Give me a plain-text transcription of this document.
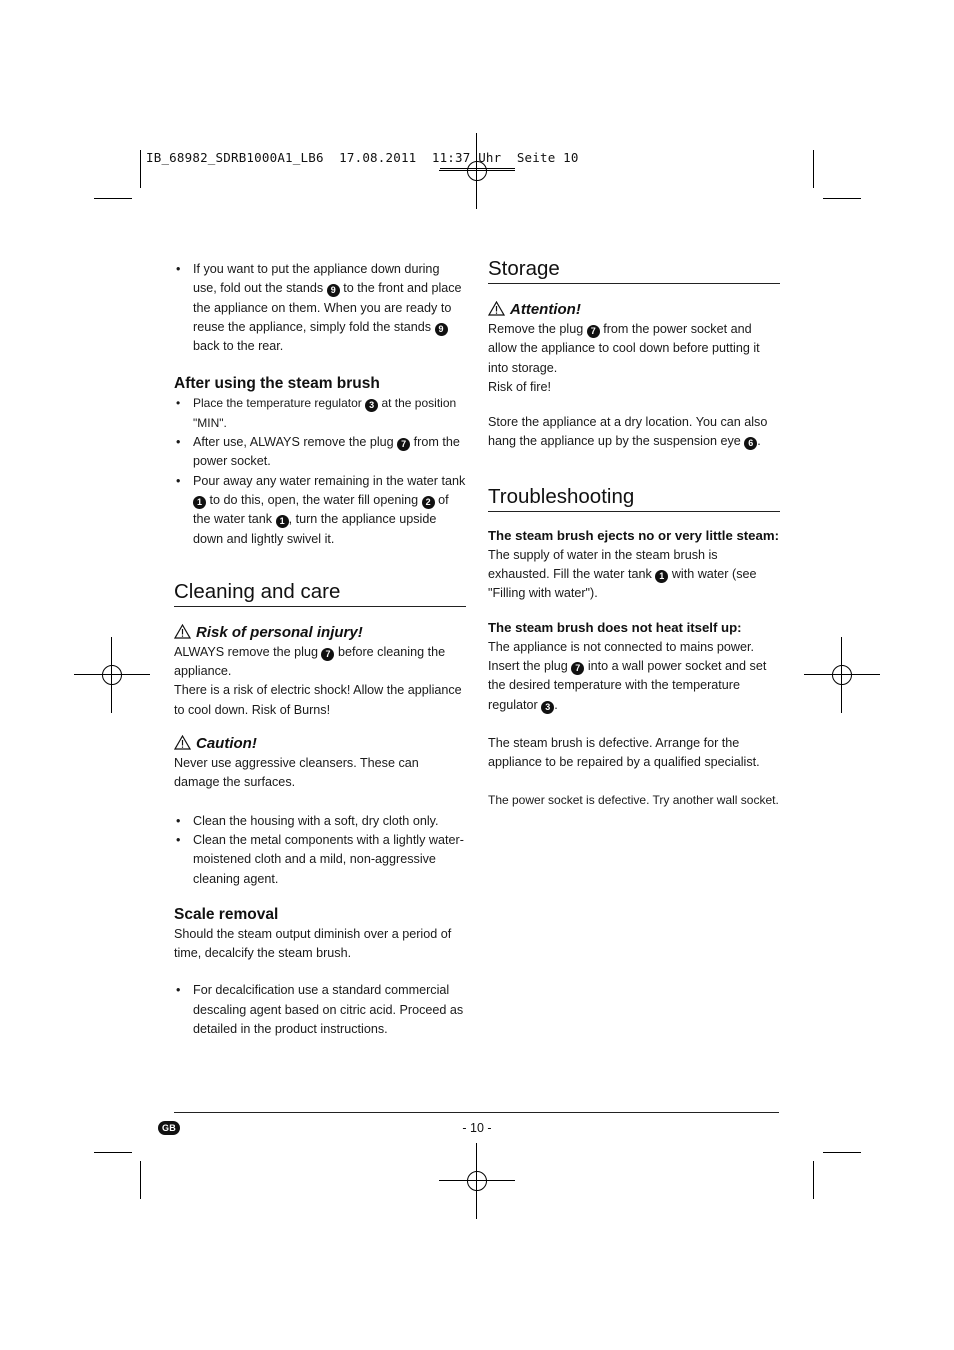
IB_68982_SDRB1000A1_LB6  17.08.2011  11:37 Uhr  Seite 10
• If you want to put the appliance down during use, fold out the stands 9 to the front and place the appliance on them. When you are ready to reuse the appliance, simply fold the stands 9 back to the rear.
After using the steam brush
• Place the temperature regulator 3 at the position "MIN".
• After use, ALWAYS remove the plug 7 from the power socket.
• Pour away any water remaining in the water tank 1 to do this, open, the water fill opening 2 of the water tank 1 , turn the appliance upside down and lightly swivel it.
Cleaning and care
Risk of personal injury!

ALWAYS remove the plug 7 before cleaning the appliance.

There is a risk of electric shock! Allow the appliance to cool down. Risk of Burns!

Caution!

Never use aggressive cleansers. These can damage the surfaces.

• Clean the housing with a soft, dry cloth only.
• Clean the metal components with a lightly water-moistened cloth and a mild, non-aggressive cleaning agent.
Scale removal

Should the steam output diminish over a period of time, decalcify the steam brush.

• For decalcification use a standard commercial descaling agent based on citric acid. Proceed as detailed in the product instructions.
Storage
Attention!

Remove the plug 7 from the power socket and allow the appliance to cool down before putting it into storage.

Risk of fire!

Store the appliance at a dry location. You can also hang the appliance up by the suspension eye 6 .

Troubleshooting
The steam brush ejects no or very little steam:

The supply of water in the steam brush is exhausted. Fill the water tank 1 with water (see "Filling with water").

The steam brush does not heat itself up:

The appliance is not connected to mains power. Insert the plug 7 into a wall power socket and set the desired temperature with the temperature regulator 3 .

The steam brush is defective. Arrange for the appliance to be repaired by a qualified specialist.

The power socket is defective. Try another wall socket.

GB	- 10 -
